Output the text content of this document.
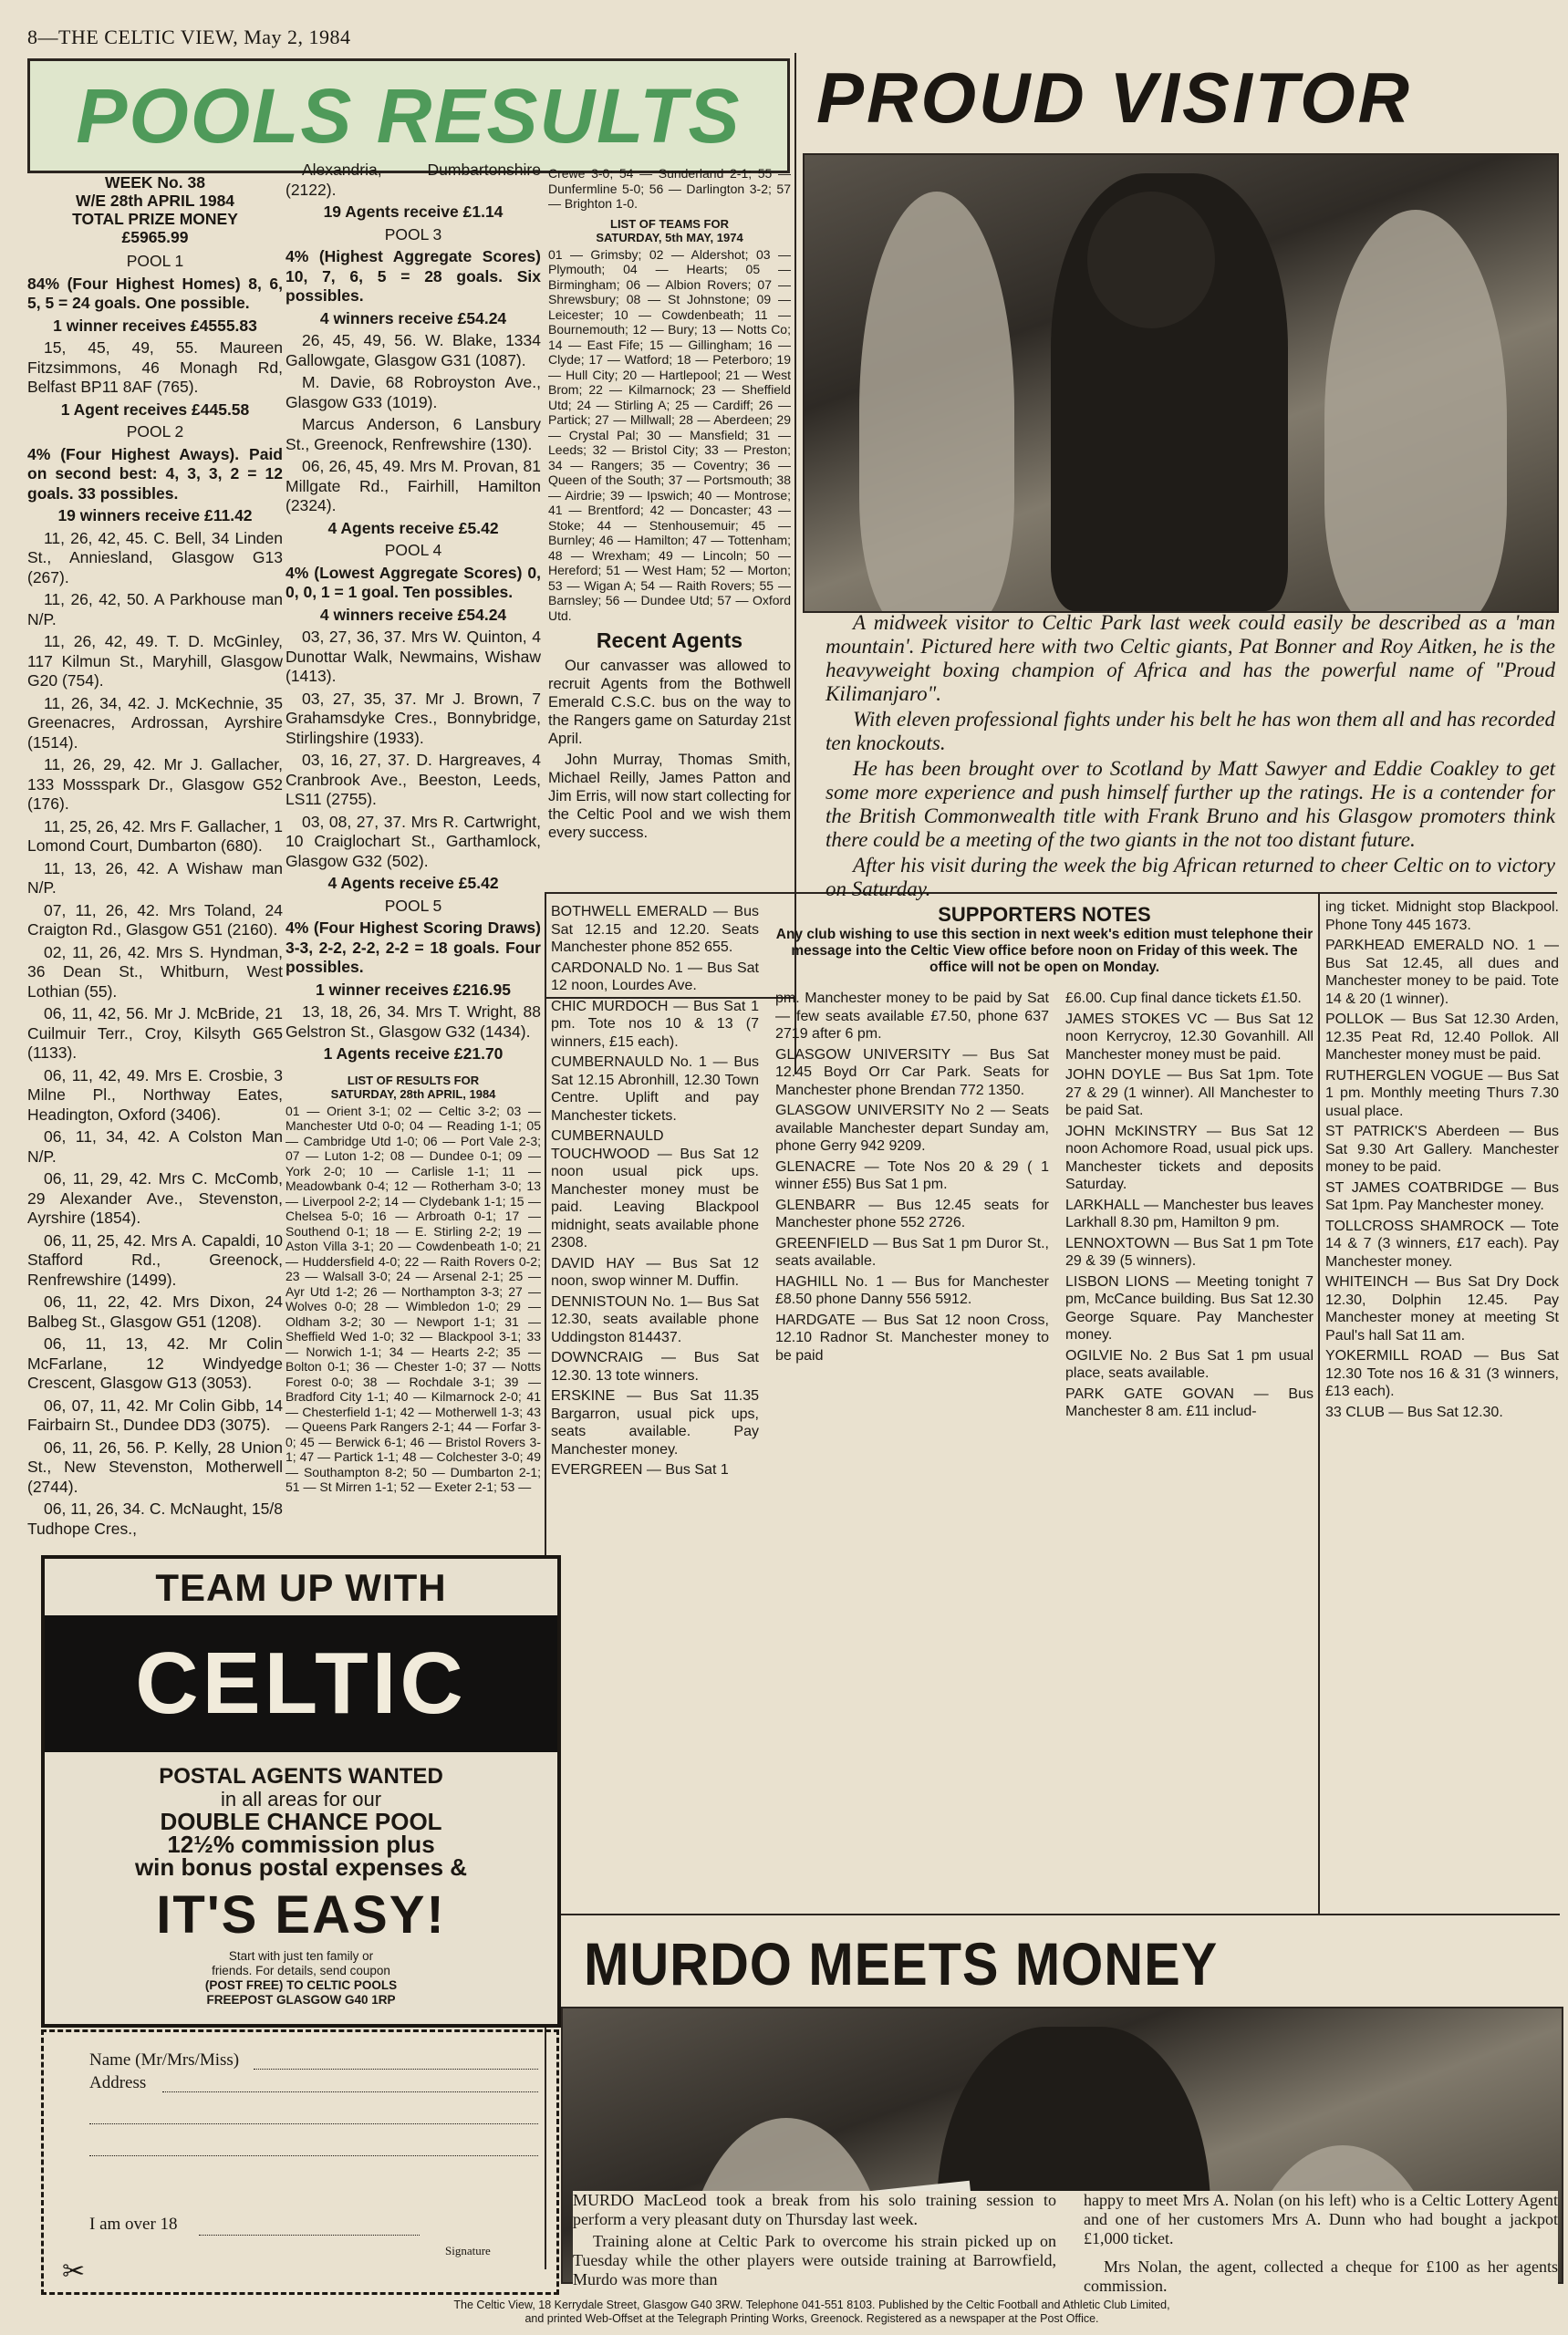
8—THE CELTIC VIEW, May 2, 1984
POOLS RESULTS
WEEK No. 38
W/E 28th APRIL 1984
TOTAL PRIZE MONEY
£5965.99

POOL 1

84% (Four Highest Homes) 8, 6, 5, 5 = 24 goals. One possible.

1 winner receives £4555.83

15, 45, 49, 55. Maureen Fitzsimmons, 46 Monagh Rd, Belfast BP11 8AF (765).

1 Agent receives £445.58

POOL 2

4% (Four Highest Aways). Paid on second best: 4, 3, 3, 2 = 12 goals. 33 possibles.

19 winners receive £11.42

11, 26, 42, 45. C. Bell, 34 Linden St., Anniesland, Glasgow G13 (267).

11, 26, 42, 50. A Parkhouse man N/P.

11, 26, 42, 49. T. D. McGinley, 117 Kilmun St., Maryhill, Glasgow G20 (754).

11, 26, 34, 42. J. McKechnie, 35 Greenacres, Ardrossan, Ayrshire (1514).

11, 26, 29, 42. Mr J. Gallacher, 133 Mossspark Dr., Glasgow G52 (176).

11, 25, 26, 42. Mrs F. Gallacher, 1 Lomond Court, Dumbarton (680).

11, 13, 26, 42. A Wishaw man N/P.

07, 11, 26, 42. Mrs Toland, 24 Craigton Rd., Glasgow G51 (2160).

02, 11, 26, 42. Mrs S. Hyndman, 36 Dean St., Whitburn, West Lothian (55).

06, 11, 42, 56. Mr J. McBride, 21 Cuilmuir Terr., Croy, Kilsyth G65 (1133).

06, 11, 42, 49. Mrs E. Crosbie, 3 Milne Pl., Northway Eates, Headington, Oxford (3406).

06, 11, 34, 42. A Colston Man N/P.

06, 11, 29, 42. Mrs C. McComb, 29 Alexander Ave., Stevenston, Ayrshire (1854).

06, 11, 25, 42. Mrs A. Capaldi, 10 Stafford Rd., Greenock, Renfrewshire (1499).

06, 11, 22, 42. Mrs Dixon, 24 Balbeg St., Glasgow G51 (1208).

06, 11, 13, 42. Mr Colin McFarlane, 12 Windyedge Crescent, Glasgow G13 (3053).

06, 07, 11, 42. Mr Colin Gibb, 14 Fairbairn St., Dundee DD3 (3075).

06, 11, 26, 56. P. Kelly, 28 Union St., New Stevenston, Motherwell (2744).

06, 11, 26, 34. C. McNaught, 15/8 Tudhope Cres.,

Alexandria, Dumbartonshire (2122).

19 Agents receive £1.14

POOL 3

4% (Highest Aggregate Scores) 10, 7, 6, 5 = 28 goals. Six possibles.

4 winners receive £54.24

26, 45, 49, 56. W. Blake, 1334 Gallowgate, Glasgow G31 (1087).

M. Davie, 68 Robroyston Ave., Glasgow G33 (1019).

Marcus Anderson, 6 Lansbury St., Greenock, Renfrewshire (130).

06, 26, 45, 49. Mrs M. Provan, 81 Millgate Rd., Fairhill, Hamilton (2324).

4 Agents receive £5.42

POOL 4

4% (Lowest Aggregate Scores) 0, 0, 0, 1 = 1 goal. Ten possibles.

4 winners receive £54.24

03, 27, 36, 37. Mrs W. Quinton, 4 Dunottar Walk, Newmains, Wishaw (1413).

03, 27, 35, 37. Mr J. Brown, 7 Grahamsdyke Cres., Bonnybridge, Stirlingshire (1933).

03, 16, 27, 37. D. Hargreaves, 4 Cranbrook Ave., Beeston, Leeds, LS11 (2755).

03, 08, 27, 37. Mrs R. Cartwright, 10 Craiglochart St., Garthamlock, Glasgow G32 (502).

4 Agents receive £5.42

POOL 5

4% (Four Highest Scoring Draws) 3-3, 2-2, 2-2, 2-2 = 18 goals. Four possibles.

1 winner receives £216.95

13, 18, 26, 34. Mrs T. Wright, 88 Gelstron St., Glasgow G32 (1434).

1 Agents receive £21.70

LIST OF RESULTS FOR
SATURDAY, 28th APRIL, 1984
01 — Orient 3-1; 02 — Celtic 3-2; 03 — Manchester Utd 0-0; 04 — Reading 1-1; 05 — Cambridge Utd 1-0; 06 — Port Vale 2-3; 07 — Luton 1-2; 08 — Dundee 0-1; 09 — York 2-0; 10 — Carlisle 1-1; 11 — Meadowbank 0-4; 12 — Rotherham 3-0; 13 — Liverpool 2-2; 14 — Clydebank 1-1; 15 — Chelsea 5-0; 16 — Arbroath 0-1; 17 — Southend 0-1; 18 — E. Stirling 2-2; 19 — Aston Villa 3-1; 20 — Cowdenbeath 1-0; 21 — Huddersfield 4-0; 22 — Raith Rovers 0-2; 23 — Walsall 3-0; 24 — Arsenal 2-1; 25 — Ayr Utd 1-2; 26 — Northampton 3-3; 27 — Wolves 0-0; 28 — Wimbledon 1-0; 29 — Oldham 3-2; 30 — Newport 1-1; 31 — Sheffield Wed 1-0; 32 — Blackpool 3-1; 33 — Norwich 1-1; 34 — Hearts 2-2; 35 — Bolton 0-1; 36 — Chester 1-0; 37 — Notts Forest 0-0; 38 — Rochdale 3-1; 39 — Bradford City 1-1; 40 — Kilmarnock 2-0; 41 — Chesterfield 1-1; 42 — Motherwell 1-3; 43 — Queens Park Rangers 2-1; 44 — Forfar 3-0; 45 — Berwick 6-1; 46 — Bristol Rovers 3-1; 47 — Partick 1-1; 48 — Colchester 3-0; 49 — Southampton 8-2; 50 — Dumbarton 2-1; 51 — St Mirren 1-1; 52 — Exeter 2-1; 53 —
Crewe 3-0; 54 — Sunderland 2-1; 55 — Dunfermline 5-0; 56 — Darlington 3-2; 57 — Brighton 1-0.
LIST OF TEAMS FOR
SATURDAY, 5th MAY, 1974
01 — Grimsby; 02 — Aldershot; 03 — Plymouth; 04 — Hearts; 05 — Birmingham; 06 — Albion Rovers; 07 — Shrewsbury; 08 — St Johnstone; 09 — Leicester; 10 — Cowdenbeath; 11 — Bournemouth; 12 — Bury; 13 — Notts Co; 14 — East Fife; 15 — Gillingham; 16 — Clyde; 17 — Watford; 18 — Peterboro; 19 — Hull City; 20 — Hartlepool; 21 — West Brom; 22 — Kilmarnock; 23 — Sheffield Utd; 24 — Stirling A; 25 — Cardiff; 26 — Partick; 27 — Millwall; 28 — Aberdeen; 29 — Crystal Pal; 30 — Mansfield; 31 — Leeds; 32 — Bristol City; 33 — Preston; 34 — Rangers; 35 — Coventry; 36 — Queen of the South; 37 — Portsmouth; 38 — Airdrie; 39 — Ipswich; 40 — Montrose; 41 — Brentford; 42 — Doncaster; 43 — Stoke; 44 — Stenhousemuir; 45 — Burnley; 46 — Hamilton; 47 — Tottenham; 48 — Wrexham; 49 — Lincoln; 50 — Hereford; 51 — West Ham; 52 — Morton; 53 — Wigan A; 54 — Raith Rovers; 55 — Barnsley; 56 — Dundee Utd; 57 — Oxford Utd.
Recent Agents

Our canvasser was allowed to recruit Agents from the Bothwell Emerald C.S.C. bus on the way to the Rangers game on Saturday 21st April.

John Murray, Thomas Smith, Michael Reilly, James Patton and Jim Erris, will now start collecting for the Celtic Pool and we wish them every success.

PROUD VISITOR

A midweek visitor to Celtic Park last week could easily be described as a 'man mountain'. Pictured here with two Celtic giants, Pat Bonner and Roy Aitken, he is the heavyweight boxing champion of Africa and has the powerful name of "Proud Kilimanjaro".

With eleven professional fights under his belt he has won them all and has recorded ten knockouts.

He has been brought over to Scotland by Matt Sawyer and Eddie Coakley to get some more experience and push himself further up the ratings. He is a contender for the British Commonwealth title with Frank Bruno and his Glasgow promoters think there could be a meeting of the two giants in the not too distant future.

After his visit during the week the big African returned to cheer Celtic on to victory on Saturday.

BOTHWELL EMERALD — Bus Sat 12.15 and 12.20. Seats Manchester phone 852 655.

CARDONALD No. 1 — Bus Sat 12 noon, Lourdes Ave.

CHIC MURDOCH — Bus Sat 1 pm. Tote nos 10 & 13 (7 winners, £15 each).

CUMBERNAULD No. 1 — Bus Sat 12.15 Abronhill, 12.30 Town Centre. Uplift and pay Manchester tickets.

CUMBERNAULD TOUCHWOOD — Bus Sat 12 noon usual pick ups. Manchester money must be paid. Leaving Blackpool midnight, seats available phone 2308.

DAVID HAY — Bus Sat 12 noon, swop winner M. Duffin.

DENNISTOUN No. 1— Bus Sat 12.30, seats available phone Uddingston 814437.

DOWNCRAIG — Bus Sat 12.30. 13 tote winners.

ERSKINE — Bus Sat 11.35 Bargarron, usual pick ups, seats available. Pay Manchester money.

EVERGREEN — Bus Sat 1

SUPPORTERS NOTES
Any club wishing to use this section in next week's edition must telephone their message into the Celtic View office before noon on Friday of this week. The office will not be open on Monday.

pm. Manchester money to be paid by Sat — few seats available £7.50, phone 637 2719 after 6 pm.

GLASGOW UNIVERSITY — Bus Sat 12.45 Boyd Orr Car Park. Seats for Manchester phone Brendan 772 1350.

GLASGOW UNIVERSITY No 2 — Seats available Manchester depart Sunday am, phone Gerry 942 9209.

GLENACRE — Tote Nos 20 & 29 ( 1 winner £55) Bus Sat 1 pm.

GLENBARR — Bus 12.45 seats for Manchester phone 552 2726.

GREENFIELD — Bus Sat 1 pm Duror St., seats available.

HAGHILL No. 1 — Bus for Manchester £8.50 phone Danny 556 5912.

HARDGATE — Bus Sat 12 noon Cross, 12.10 Radnor St. Manchester money to be paid

£6.00. Cup final dance tickets £1.50.

JAMES STOKES VC — Bus Sat 12 noon Kerrycroy, 12.30 Govanhill. All Manchester money must be paid.

JOHN DOYLE — Bus Sat 1pm. Tote 27 & 29 (1 winner). All Manchester to be paid Sat.

JOHN McKINSTRY — Bus Sat 12 noon Achomore Road, usual pick ups. Manchester tickets and deposits Saturday.

LARKHALL — Manchester bus leaves Larkhall 8.30 pm, Hamilton 9 pm.

LENNOXTOWN — Bus Sat 1 pm Tote 29 & 39 (5 winners).

LISBON LIONS — Meeting tonight 7 pm, McCance building. Bus Sat 12.30 George Square. Pay Manchester money.

OGILVIE No. 2 Bus Sat 1 pm usual place, seats available.

PARK GATE GOVAN — Bus Manchester 8 am. £11 includ-

ing ticket. Midnight stop Blackpool. Phone Tony 445 1673.

PARKHEAD EMERALD NO. 1 — Bus Sat 12.45, all dues and Manchester money to be paid. Tote 14 & 20 (1 winner).

POLLOK — Bus Sat 12.30 Arden, 12.35 Peat Rd, 12.40 Pollok. All Manchester money must be paid.

RUTHERGLEN VOGUE — Bus Sat 1 pm. Monthly meeting Thurs 7.30 usual place.

ST PATRICK'S Aberdeen — Bus Sat 9.30 Art Gallery. Manchester money to be paid.

ST JAMES COATBRIDGE — Bus Sat 1pm. Pay Manchester money.

TOLLCROSS SHAMROCK — Tote 14 & 7 (3 winners, £17 each). Pay Manchester money.

WHITEINCH — Bus Sat Dry Dock 12.30, Dolphin 12.45. Pay Manchester money at meeting St Paul's hall Sat 11 am.

YOKERMILL ROAD — Bus Sat 12.30 Tote nos 16 & 31 (3 winners, £13 each).

33 CLUB — Bus Sat 12.30.

MURDO MEETS MONEY
TEAM UP WITH
CELTIC
POSTAL AGENTS WANTED
in all areas for our
DOUBLE CHANCE POOL
12½% commission plus
win bonus postal expenses &
IT'S EASY!
Start with just ten family or
friends. For details, send coupon
(POST FREE) TO CELTIC POOLS
FREEPOST GLASGOW G40 1RP
Name (Mr/Mrs/Miss)
Address
I am over 18
Signature
✂
The Celtic View, 18 Kerrydale Street, Glasgow G40 3RW. Telephone 041-551 8103. Published by the Celtic Football and Athletic Club Limited,
and printed Web-Offset at the Telegraph Printing Works, Greenock. Registered as a newspaper at the Post Office.

MURDO MacLeod took a break from his solo training session to perform a very pleasant duty on Thursday last week.

Training alone at Celtic Park to overcome his strain picked up on Tuesday while the other players were outside training at Barrowfield, Murdo was more than

happy to meet Mrs A. Nolan (on his left) who is a Celtic Lottery Agent and one of her customers Mrs A. Dunn who had bought a jackpot £1,000 ticket.

Mrs Nolan, the agent, collected a cheque for £100 as her agents commission.
